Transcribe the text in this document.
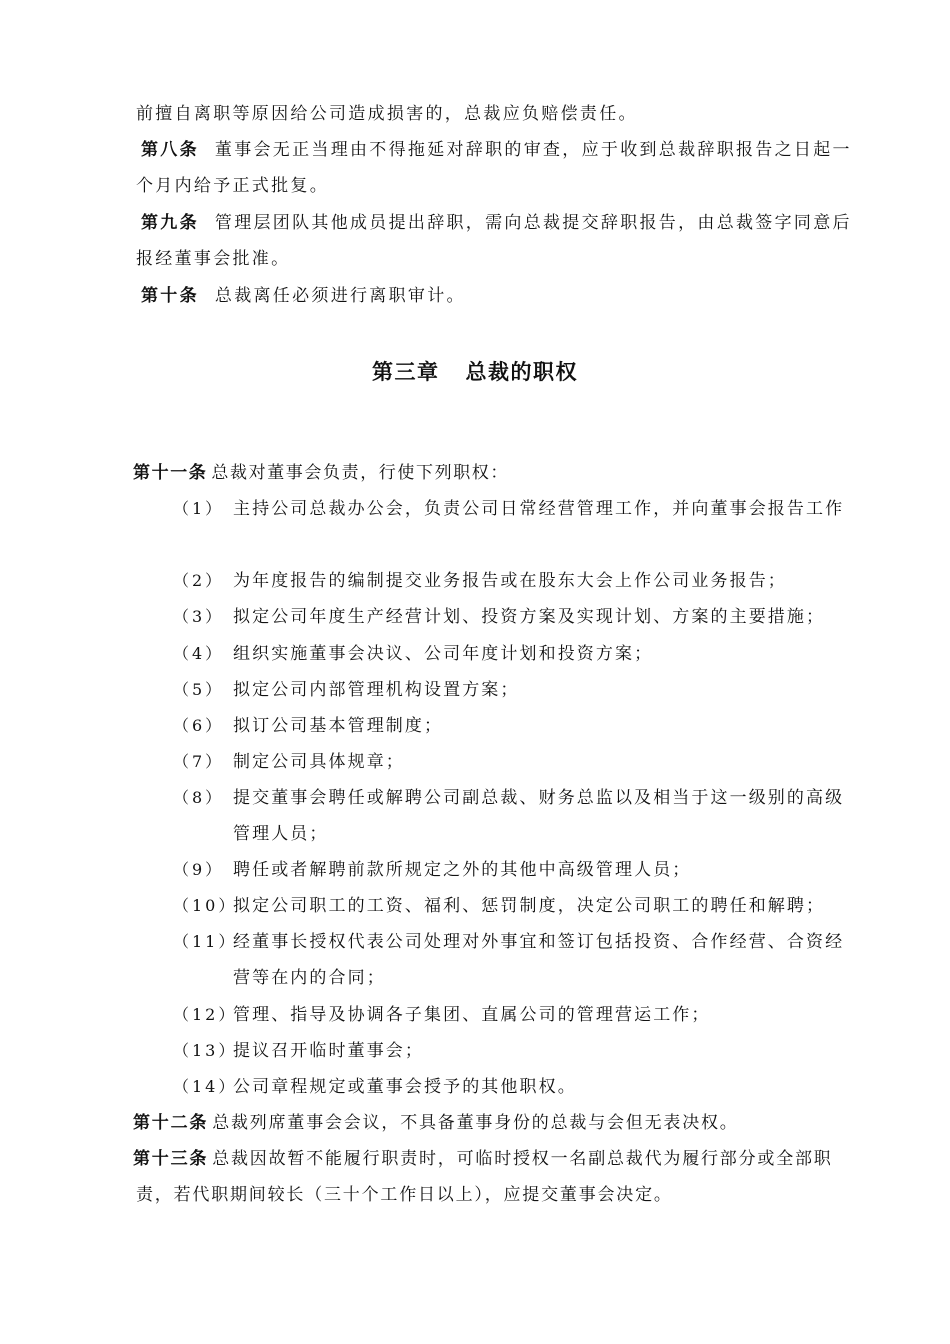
前擅自离职等原因给公司造成损害的，总裁应负赔偿责任。
第八条 董事会无正当理由不得拖延对辞职的审查，应于收到总裁辞职报告之日起一
个月内给予正式批复。
第九条 管理层团队其他成员提出辞职，需向总裁提交辞职报告，由总裁签字同意后
报经董事会批准。
第十条 总裁离任必须进行离职审计。
第三章 总裁的职权
第十一条 总裁对董事会负责，行使下列职权：
（1） 主持公司总裁办公会，负责公司日常经营管理工作，并向董事会报告工作
（2） 为年度报告的编制提交业务报告或在股东大会上作公司业务报告；
（3） 拟定公司年度生产经营计划、投资方案及实现计划、方案的主要措施；
（4） 组织实施董事会决议、公司年度计划和投资方案；
（5） 拟定公司内部管理机构设置方案；
（6） 拟订公司基本管理制度；
（7） 制定公司具体规章；
（8） 提交董事会聘任或解聘公司副总裁、财务总监以及相当于这一级别的高级
管理人员；
（9） 聘任或者解聘前款所规定之外的其他中高级管理人员；
（10）
拟定公司职工的工资、福利、惩罚制度，决定公司职工的聘任和解聘；
（11）
经董事长授权代表公司处理对外事宜和签订包括投资、合作经营、合资经
营等在内的合同；
（12）
管理、指导及协调各子集团、直属公司的管理营运工作；
（13）
提议召开临时董事会；
（14）
公司章程规定或董事会授予的其他职权。
第十二条 总裁列席董事会会议，不具备董事身份的总裁与会但无表决权。
第十三条 总裁因故暂不能履行职责时，可临时授权一名副总裁代为履行部分或全部职
责，若代职期间较长（三十个工作日以上），应提交董事会决定。
